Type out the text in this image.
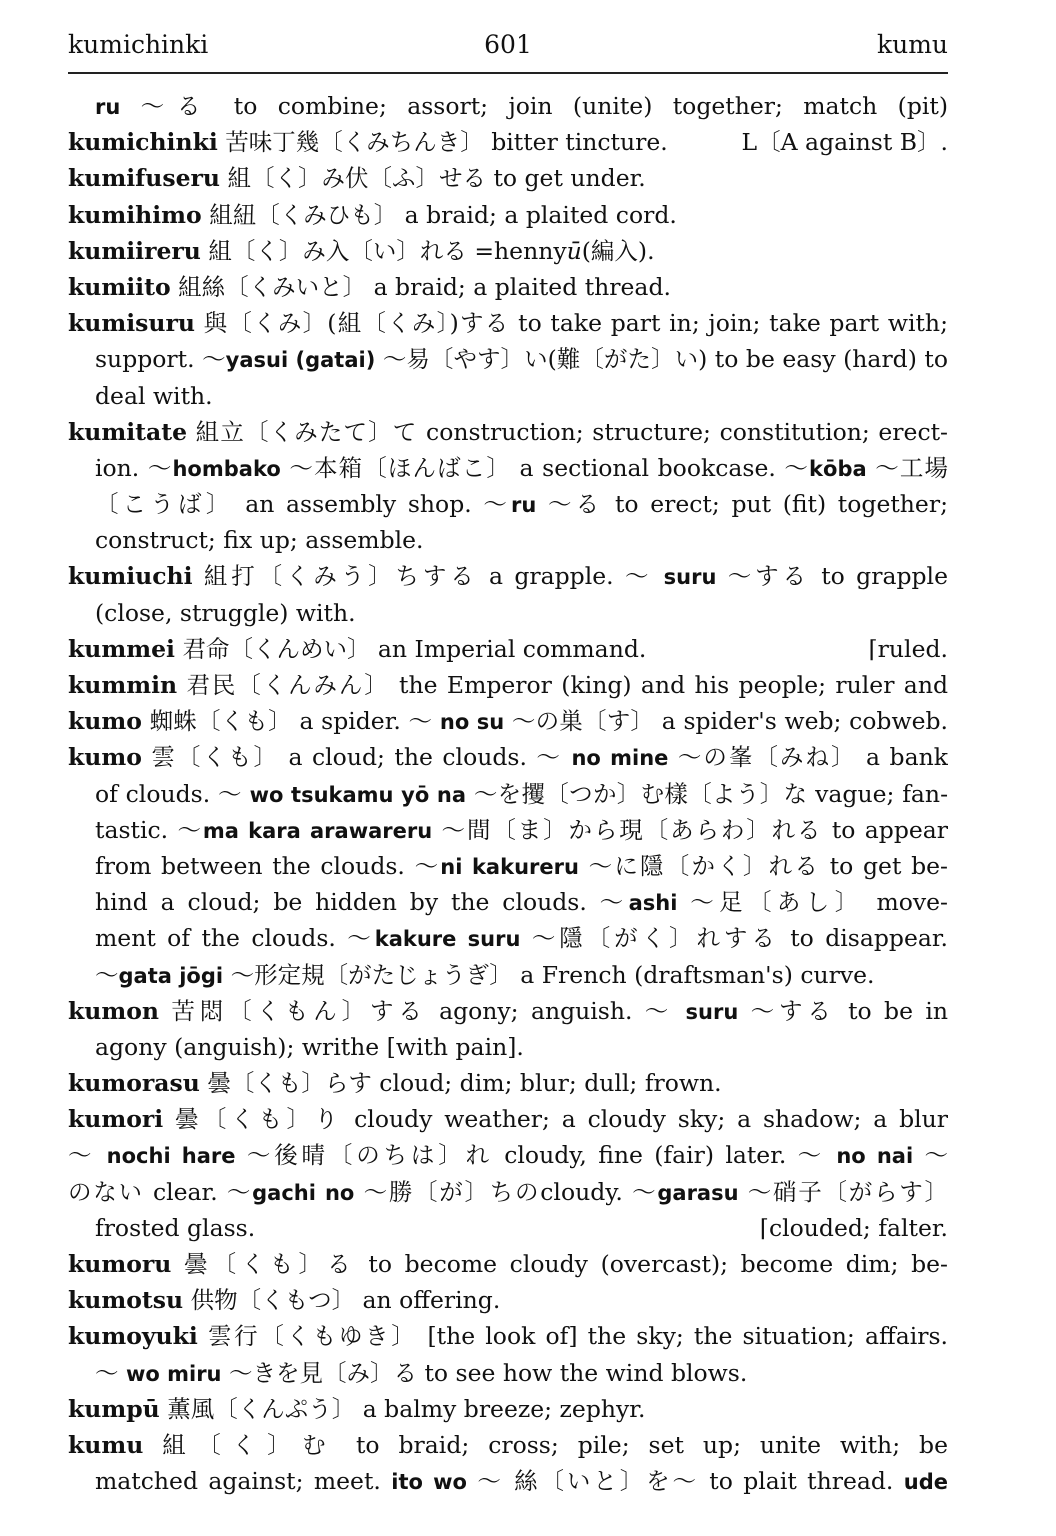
kumichinki	601	kumu
ru ～る to combine; assort; join (unite) together; match (pit)
kumichinki 苦味丁幾〔くみちんき〕 bitter tincture.	L〔A against B〕.
kumifuseru 組〔く〕み伏〔ふ〕せる to get under.
kumihimo 組紐〔くみひも〕 a braid; a plaited cord.
kumiireru 組〔く〕み入〔い〕れる =hennyū(編入).
kumiito 組絲〔くみいと〕 a braid; a plaited thread.
kumisuru 與〔くみ〕(組〔くみ〕)する to take part in; join; take part with;
support. ～yasui (gatai) ～易〔やす〕い(難〔がた〕い) to be easy (hard) to
deal with.
kumitate 組立〔くみたて〕て construction; structure; constitution; erect-
ion. ～hombako ～本箱〔ほんばこ〕 a sectional bookcase. ～kōba ～工場
〔こうば〕 an assembly shop. ～ru ～る to erect; put (fit) together;
construct; fix up; assemble.
kumiuchi 組打〔くみう〕ちする a grapple. ～ suru ～する to grapple
(close, struggle) with.
kummei 君命〔くんめい〕 an Imperial command.	⌈ruled.
kummin 君民〔くんみん〕 the Emperor (king) and his people; ruler and
kumo 蜘蛛〔くも〕 a spider. ～ no su ～の巣〔す〕 a spider's web; cobweb.
kumo 雲〔くも〕 a cloud; the clouds. ～ no mine ～の峯〔みね〕 a bank
of clouds. ～ wo tsukamu yō na ～を攫〔つか〕む樣〔よう〕な vague; fan-
tastic. ～ma kara arawareru ～間〔ま〕から現〔あらわ〕れる to appear
from between the clouds. ～ni kakureru ～に隱〔かく〕れる to get be-
hind a cloud; be hidden by the clouds. ～ashi ～足〔あし〕 move-
ment of the clouds. ～kakure suru ～隱〔がく〕れする to disappear.
～gata jōgi ～形定規〔がたじょうぎ〕 a French (draftsman's) curve.
kumon 苦悶〔くもん〕する agony; anguish. ～ suru ～する to be in
agony (anguish); writhe [with pain].
kumorasu 曇〔くも〕らす cloud; dim; blur; dull; frown.
kumori 曇〔くも〕り cloudy weather; a cloudy sky; a shadow; a blur
～ nochi hare ～後晴〔のちは〕れ cloudy, fine (fair) later. ～ no nai ～
のない clear. ～gachi no ～勝〔が〕ちのcloudy. ～garasu ～硝子〔がらす〕
frosted glass.	⌈clouded; falter.
kumoru 曇〔くも〕る to become cloudy (overcast); become dim; be-
kumotsu 供物〔くもつ〕 an offering.
kumoyuki 雲行〔くもゆき〕 [the look of] the sky; the situation; affairs.
～ wo miru ～きを見〔み〕る to see how the wind blows.
kumpū 薫風〔くんぷう〕 a balmy breeze; zephyr.
kumu 組〔く〕む to braid; cross; pile; set up; unite with; be
matched against; meet. ito wo ～ 絲〔いと〕を～ to plait thread. ude
